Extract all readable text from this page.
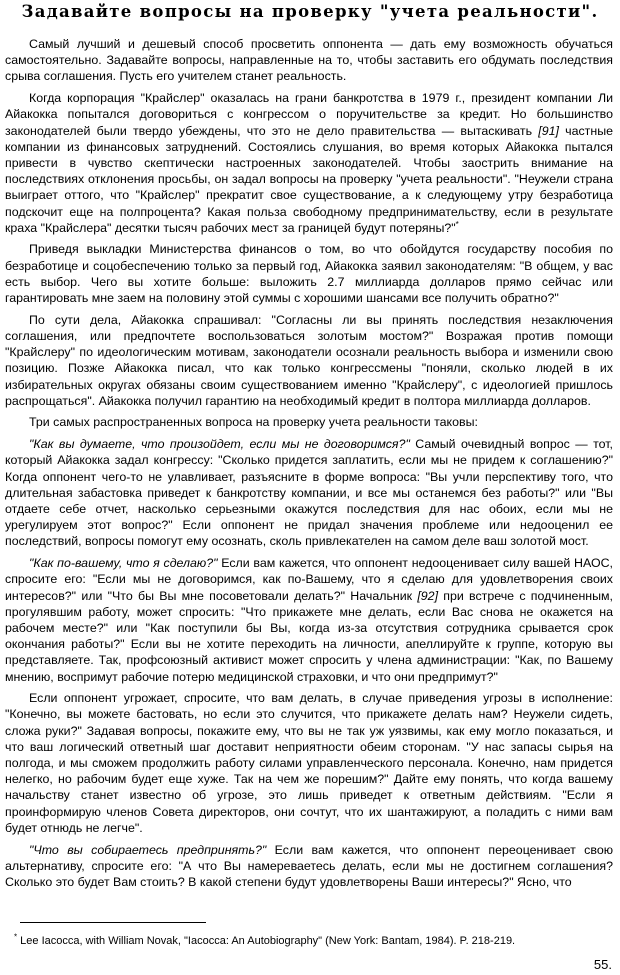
Задавайте вопросы на проверку "учета реальности".

Самый лучший и дешевый способ просветить оппонента — дать ему возможность обучаться самостоятельно. Задавайте вопросы, направленные на то, чтобы заставить его обдумать последствия срыва соглашения. Пусть его учителем станет реальность.

Когда корпорация "Крайслер" оказалась на грани банкротства в 1979 г., президент компании Ли Айакокка попытался договориться с конгрессом о поручительстве за кредит. Но большинство законодателей были твердо убеждены, что это не дело правительства — вытаскивать [91] частные компании из финансовых затруднений. Состоялись слушания, во время которых Айакокка пытался привести в чувство скептически настроенных законодателей. Чтобы заострить внимание на последствиях отклонения просьбы, он задал вопросы на проверку "учета реальности". "Неужели страна выиграет оттого, что "Крайслер" прекратит свое существование, а к следующему утру безработица подскочит еще на полпроцента? Какая польза свободному предпринимательству, если в результате краха "Крайслера" десятки тысяч рабочих мест за границей будут потеряны?"*

Приведя выкладки Министерства финансов о том, во что обойдутся государству пособия по безработице и соцобеспечению только за первый год, Айакокка заявил законодателям: "В общем, у вас есть выбор. Чего вы хотите больше: выложить 2.7 миллиарда долларов прямо сейчас или гарантировать мне заем на половину этой суммы с хорошими шансами все получить обратно?"

По сути дела, Айакокка спрашивал: "Согласны ли вы принять последствия незаключения соглашения, или предпочтете воспользоваться золотым мостом?" Возражая против помощи "Крайслеру" по идеологическим мотивам, законодатели осознали реальность выбора и изменили свою позицию. Позже Айакокка писал, что как только конгрессмены "поняли, сколько людей в их избирательных округах обязаны своим существованием именно "Крайслеру", с идеологией пришлось распрощаться". Айакокка получил гарантию на необходимый кредит в полтора миллиарда долларов.

Три самых распространенных вопроса на проверку учета реальности таковы:

"Как вы думаете, что произойдет, если мы не договоримся?" Самый очевидный вопрос — тот, который Айакокка задал конгрессу: "Сколько придется заплатить, если мы не придем к соглашению?" Когда оппонент чего-то не улавливает, разъясните в форме вопроса: "Вы учли перспективу того, что длительная забастовка приведет к банкротству компании, и все мы останемся без работы?" или "Вы отдаете себе отчет, насколько серьезными окажутся последствия для нас обоих, если мы не урегулируем этот вопрос?" Если оппонент не придал значения проблеме или недооценил ее последствий, вопросы помогут ему осознать, сколь привлекателен на самом деле ваш золотой мост.

"Как по-вашему, что я сделаю?" Если вам кажется, что оппонент недооценивает силу вашей НАОС, спросите его: "Если мы не договоримся, как по-Вашему, что я сделаю для удовлетворения своих интересов?" или "Что бы Вы мне посоветовали делать?" Начальник [92] при встрече с подчиненным, прогулявшим работу, может спросить: "Что прикажете мне делать, если Вас снова не окажется на рабочем месте?" или "Как поступили бы Вы, когда из-за отсутствия сотрудника срывается срок окончания работы?" Если вы не хотите переходить на личности, апеллируйте к группе, которую вы представляете. Так, профсоюзный активист может спросить у члена администрации: "Как, по Вашему мнению, воспримут рабочие потерю медицинской страховки, и что они предпримут?"

Если оппонент угрожает, спросите, что вам делать, в случае приведения угрозы в исполнение: "Конечно, вы можете бастовать, но если это случится, что прикажете делать нам? Неужели сидеть, сложа руки?" Задавая вопросы, покажите ему, что вы не так уж уязвимы, как ему могло показаться, и что ваш логический ответный шаг доставит неприятности обеим сторонам. "У нас запасы сырья на полгода, и мы сможем продолжить работу силами управленческого персонала. Конечно, нам придется нелегко, но рабочим будет еще хуже. Так на чем же порешим?" Дайте ему понять, что когда вашему начальству станет известно об угрозе, это лишь приведет к ответным действиям. "Если я проинформирую членов Совета директоров, они сочтут, что их шантажируют, а поладить с ними вам будет отнюдь не легче".

"Что вы собираетесь предпринять?" Если вам кажется, что оппонент переоценивает свою альтернативу, спросите его: "А что Вы намереваетесь делать, если мы не достигнем соглашения? Сколько это будет Вам стоить? В какой степени будут удовлетворены Ваши интересы?" Ясно, что

* Lee Iacocca, with William Novak, "Iacocca: An Autobiography" (New York: Bantam, 1984). P. 218-219.
55.
